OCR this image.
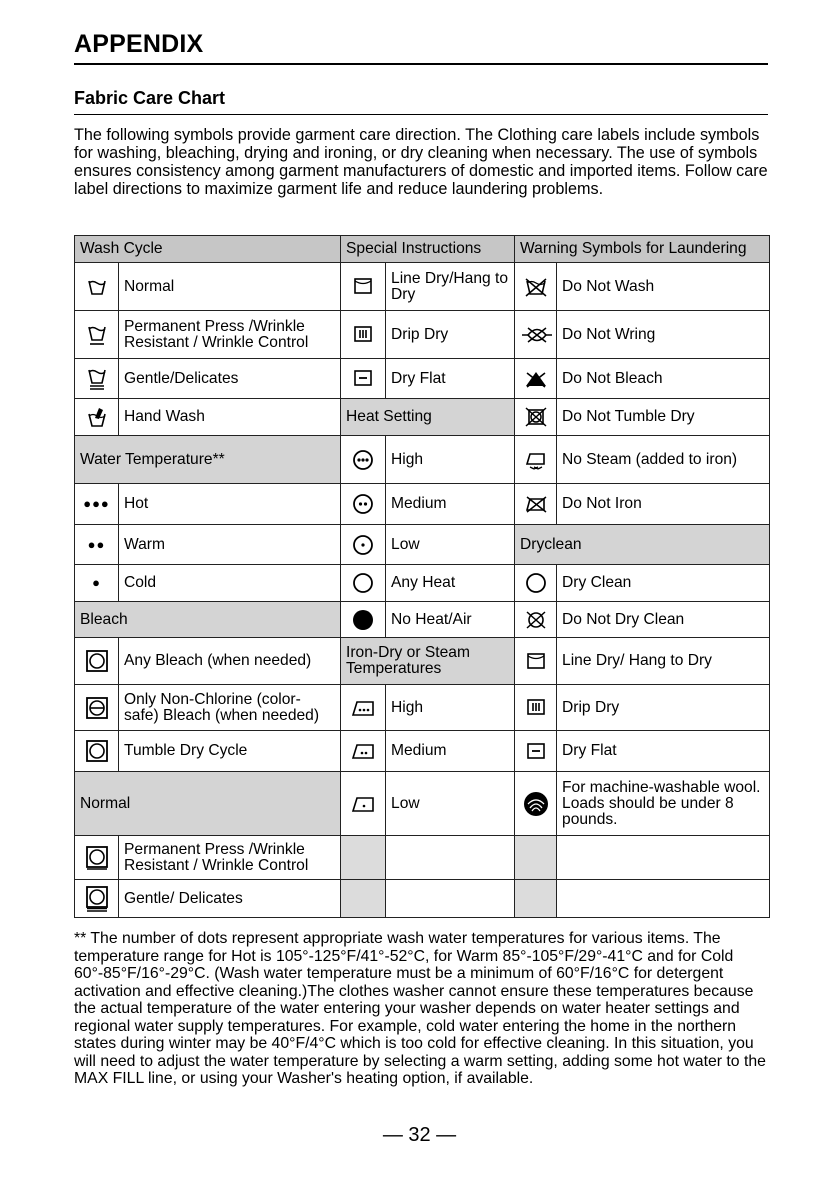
APPENDIX
Fabric Care Chart
The following symbols provide garment care direction. The Clothing care labels include symbols for washing, bleaching, drying and ironing, or dry cleaning when necessary. The use of symbols ensures consistency among garment manufacturers of domestic and imported items. Follow care label directions to maximize garment life and reduce laundering problems.
Wash Cycle		Special Instructions		Warning Symbols for Laundering	
	Normal		Line Dry/Hang to Dry		Do Not Wash
	Permanent Press /Wrinkle Resistant / Wrinkle Control		Drip Dry		Do Not Wring
	Gentle/Delicates		Dry Flat		Do Not Bleach
	Hand Wash	Heat Setting			Do Not Tumble Dry
Water Temperature**			High		No Steam (added to iron)
●●●	Hot		Medium		Do Not Iron
●●	Warm		Low	Dryclean	
●	Cold		Any Heat		Dry Clean
Bleach			No Heat/Air		Do Not Dry Clean
	Any Bleach (when needed)	Iron-Dry or Steam Temperatures			Line Dry/ Hang to Dry
	Only Non-Chlorine (color-safe) Bleach (when needed)		High		Drip Dry
	Tumble Dry Cycle		Medium		Dry Flat
Normal			Low		For machine-washable wool. Loads should be under 8 pounds.
	Permanent Press /Wrinkle Resistant / Wrinkle Control				
	Gentle/ Delicates				
** The number of dots represent appropriate wash water temperatures for various items. The temperature range for Hot is 105°-125°F/41°-52°C, for Warm 85°-105°F/29°-41°C and for Cold 60°-85°F/16°-29°C. (Wash water temperature must be a minimum of 60°F/16°C for detergent activation and effective cleaning.)The clothes washer cannot ensure these temperatures because the actual temperature of the water entering your washer depends on water heater settings and regional water supply temperatures. For example, cold water entering the home in the northern states during winter may be 40°F/4°C which is too cold for effective cleaning. In this situation, you will need to adjust the water temperature by selecting a warm setting, adding some hot water to the MAX FILL line, or using your Washer's heating option, if available.
— 32 —
